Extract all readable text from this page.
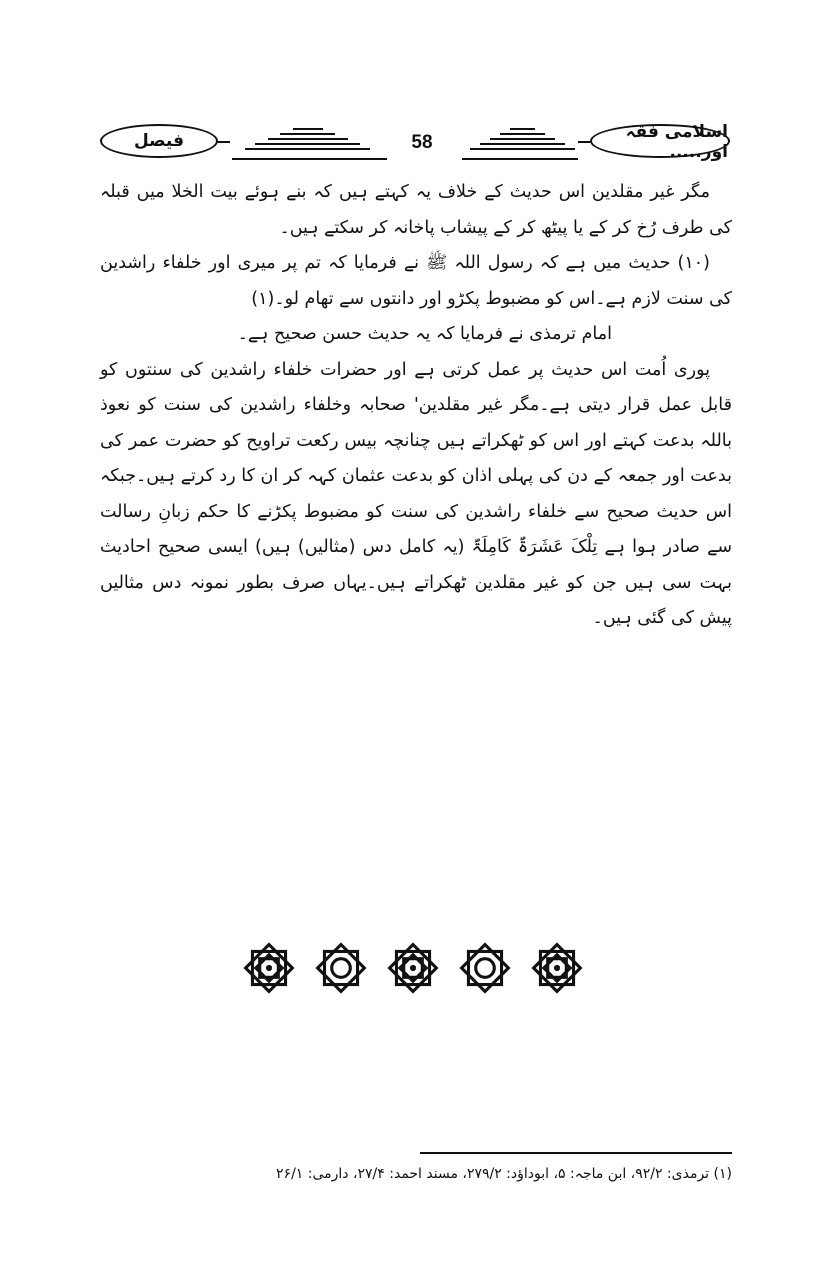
فیصل	58
اسلامی فقہ اور.....

مگر غیر مقلدین اس حدیث کے خلاف یہ کہتے ہیں کہ بنے ہوئے بیت الخلا میں قبلہ کی طرف رُخ کر کے یا پیٹھ کر کے پیشاب پاخانہ کر سکتے ہیں۔

(۱۰) حدیث میں ہے کہ رسول اللہ ﷺ نے فرمایا کہ تم پر میری اور خلفاء راشدین کی سنت لازم ہے۔اس کو مضبوط پکڑو اور دانتوں سے تھام لو۔(۱)

امام ترمذی نے فرمایا کہ یہ حدیث حسن صحیح ہے۔

پوری اُمت اس حدیث پر عمل کرتی ہے اور حضرات خلفاء راشدین کی سنتوں کو قابل عمل قرار دیتی ہے۔مگر غیر مقلدین' صحابہ وخلفاء راشدین کی سنت کو نعوذ باللہ بدعت کہتے اور اس کو ٹھکراتے ہیں چنانچہ بیس رکعت تراویح کو حضرت عمر کی بدعت اور جمعہ کے دن کی پہلی اذان کو بدعت عثمان کہہ کر ان کا رد کرتے ہیں۔جبکہ اس حدیث صحیح سے خلفاء راشدین کی سنت کو مضبوط پکڑنے کا حکم زبانِ رسالت سے صادر ہوا ہے تِلْکَ عَشَرَۃٌ کَامِلَۃٌ (یہ کامل دس (مثالیں) ہیں) ایسی صحیح احادیث بہت سی ہیں جن کو غیر مقلدین ٹھکراتے ہیں۔یہاں صرف بطور نمونہ دس مثالیں پیش کی گئی ہیں۔

(۱) ترمذی: ۹۲/۲، ابن ماجہ: ۵، ابوداؤد: ۲۷۹/۲، مسند احمد: ۲۷/۴، دارمی: ۲۶/۱
